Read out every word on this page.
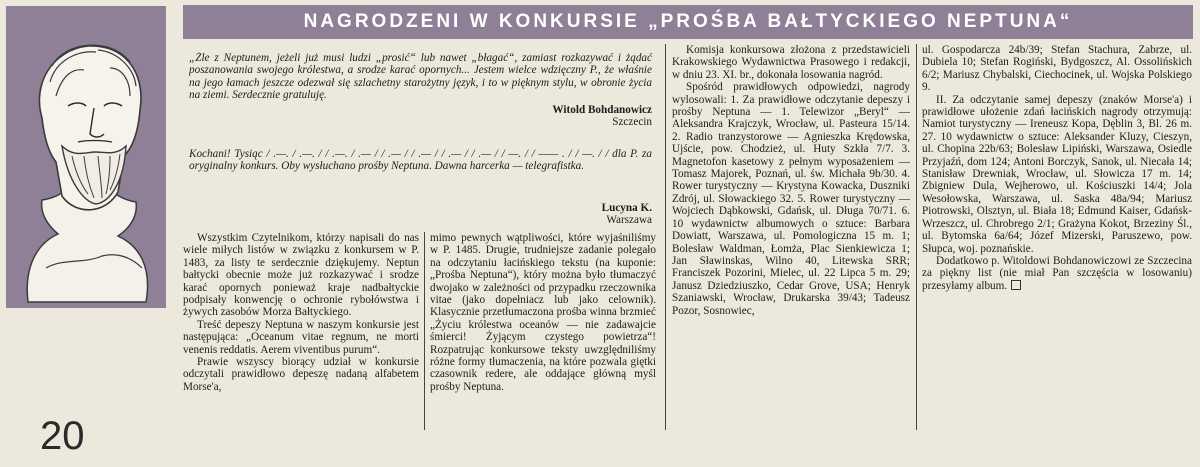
20
NAGRODZENI W KONKURSIE „PROŚBA BAŁTYCKIEGO NEPTUNA“
„Źle z Neptunem, jeżeli już musi ludzi „prosić“ lub nawet „błagać“, zamiast rozkazywać i żądać poszanowania swojego królestwa, a srodze karać opornych... Jestem wielce wdzięczny P., że właśnie na jego łamach jeszcze odezwał się szlachetny starożytny język, i to w pięknym stylu, w obronie życia na ziemi. Serdecznie gratuluję.
Witold Bohdanowicz
Szczecin
Kochani! Tysiąc / .—. / .—. / / .—. / .— / / .— / / .— / / .— / / .— / / —. / / —— . / / —. / / dla P. za oryginalny konkurs. Oby wysłuchano prośby Neptuna. Dawna harcerka — telegrafistka.
Lucyna K.
Warszawa

Wszystkim Czytelnikom, którzy napisali do nas wiele miłych listów w związku z konkursem w P. 1483, za listy te serdecznie dziękujemy. Neptun bałtycki obecnie może już rozkazywać i srodze karać opornych ponieważ kraje nadbałtyckie podpisały konwencję o ochronie rybołówstwa i żywych zasobów Morza Bałtyckiego.

Treść depeszy Neptuna w naszym konkursie jest następująca: „Oceanum vitae regnum, ne morti venenis reddatis. Aerem viventibus purum“.

Prawie wszyscy biorący udział w konkursie odczytali prawidłowo depeszę nadaną alfabetem Morse'a,

mimo pewnych wątpliwości, które wyjaśniliśmy w P. 1485. Drugie, trudniejsze zadanie polegało na odczytaniu łacińskiego tekstu (na kuponie: „Prośba Neptuna“), który można było tłumaczyć dwojako w zależności od przypadku rzeczownika vitae (jako dopełniacz lub jako celownik). Klasycznie przetłumaczona prośba winna brzmieć „Życiu królestwa oceanów — nie zadawajcie śmierci! Żyjącym czystego powietrza“! Rozpatrując konkursowe teksty uwzględniliśmy różne formy tłumaczenia, na które pozwala giętki czasownik redere, ale oddające główną myśl prośby Neptuna.

Komisja konkursowa złożona z przedstawicieli Krakowskiego Wydawnictwa Prasowego i redakcji, w dniu 23. XI. br., dokonała losowania nagród.

Spośród prawidłowych odpowiedzi, nagrody wylosowali: 1. Za prawidłowe odczytanie depeszy i prośby Neptuna — 1. Telewizor „Beryl“ — Aleksandra Krajczyk, Wrocław, ul. Pasteura 15/14. 2. Radio tranzystorowe — Agnieszka Krędowska, Ujście, pow. Chodzież, ul. Huty Szkła 7/7. 3. Magnetofon kasetowy z pełnym wyposażeniem — Tomasz Majorek, Poznań, ul. św. Michała 9b/30. 4. Rower turystyczny — Krystyna Kowacka, Duszniki Zdrój, ul. Słowackiego 32. 5. Rower turystyczny — Wojciech Dąbkowski, Gdańsk, ul. Długa 70/71. 6. 10 wydawnictw albumowych o sztuce: Barbara Dowiatt, Warszawa, ul. Pomologiczna 15 m. 1; Bolesław Waldman, Łomża, Plac Sienkiewicza 1; Jan Sławinskas, Wilno 40, Litewska SRR; Franciszek Pozorini, Mielec, ul. 22 Lipca 5 m. 29; Janusz Dziedziuszko, Cedar Grove, USA; Henryk Szaniawski, Wrocław, Drukarska 39/43; Tadeusz Pozor, Sosnowiec,

ul. Gospodarcza 24b/39; Stefan Stachura, Zabrze, ul. Dubiela 10; Stefan Rogiński, Bydgoszcz, Al. Ossolińskich 6/2; Mariusz Chybalski, Ciechocinek, ul. Wojska Polskiego 9.

II. Za odczytanie samej depeszy (znaków Morse'a) i prawidłowe ułożenie zdań łacińskich nagrody otrzymują: Namiot turystyczny — Ireneusz Kopa, Dęblin 3, Bl. 26 m. 27. 10 wydawnictw o sztuce: Aleksander Kluzy, Cieszyn, ul. Chopina 22b/63; Bolesław Lipiński, Warszawa, Osiedle Przyjaźń, dom 124; Antoni Borczyk, Sanok, ul. Niecała 14; Stanisław Drewniak, Wrocław, ul. Słowicza 17 m. 14; Zbigniew Dula, Wejherowo, ul. Kościuszki 14/4; Jola Wesołowska, Warszawa, ul. Saska 48a/94; Mariusz Piotrowski, Olsztyn, ul. Biała 18; Edmund Kaiser, Gdańsk-Wrzeszcz, ul. Chrobrego 2/1; Grażyna Kokot, Brzeziny Śl., ul. Bytomska 6a/64; Józef Mizerski, Paruszewo, pow. Słupca, woj. poznańskie.

Dodatkowo p. Witoldowi Bohdanowiczowi ze Szczecina za piękny list (nie miał Pan szczęścia w losowaniu) przesyłamy album.
